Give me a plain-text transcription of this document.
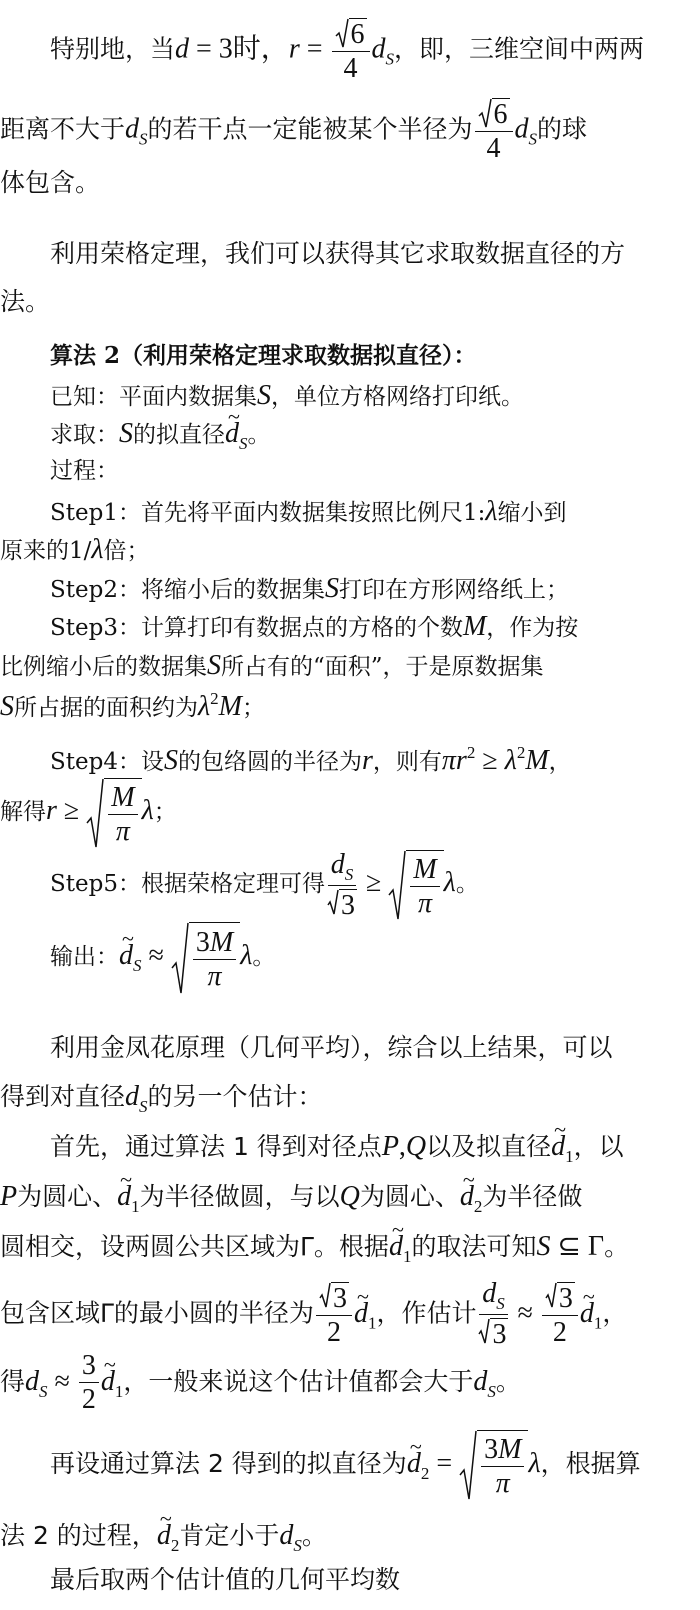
特别地，当d = 3时，$r = \frac{6}{4} d_S$，即，三维空间中两两
距离不大于$d_S$的若干点一定能被某个半径为 $\frac{6}{4} d_S$的球
体包含。
利用荣格定理，我们可以获得其它求取数据直径的方
法。
算法 2（利用荣格定理求取数据拟直径）：
已知：平面内数据集S，单位方格网络打印纸。
求取：S的拟直径~ $d_S$。
过程：
Step1：首先将平面内数据集按照比例尺1:λ缩小到
原来的1/λ倍；
Step2：将缩小后的数据集S打印在方形网络纸上；
Step3：计算打印有数据点的方格的个数M，作为按
比例缩小后的数据集S所占有的“面积”，于是原数据集
S所占据的面积约为$\lambda^2M$；
Step4：设S的包络圆的半径为r，则有$\pi r^2 \ge \lambda^2M$，
解得$r \ge \frac{M}{\pi}$ λ；
Step5：根据荣格定理可得 $\frac{d_S}{3} \ge \frac{M}{\pi}$ λ。
输出：~ $d_S \approx \frac{3M}{\pi}$ λ。
利用金凤花原理（几何平均），综合以上结果，可以
得到对直径$d_S$的另一个估计：
首先，通过算法 1 得到对径点P,Q以及拟直径~ $d_1$，以
P为圆心、~ $d_1$为半径做圆，与以Q为圆心、~ $d_2$为半径做
圆相交，设两圆公共区域为Γ。根据~ $d_1$的取法可知S ⊆ Γ。
包含区域Γ的最小圆的半径为 $\frac{3}{2}$ ~ $d_1$，作估计 $\frac{d_S}{3} \approx \frac{3}{2}$ ~ $d_1$，
得$d_S \approx \frac{3}{2}$ ~ $d_1$，一般来说这个估计值都会大于$d_S$。
再设通过算法 2 得到的拟直径为~ $d_2 = \frac{3M}{\pi}$ λ，根据算
法 2 的过程，~ $d_2$肯定小于$d_S$。
最后取两个估计值的几何平均数
